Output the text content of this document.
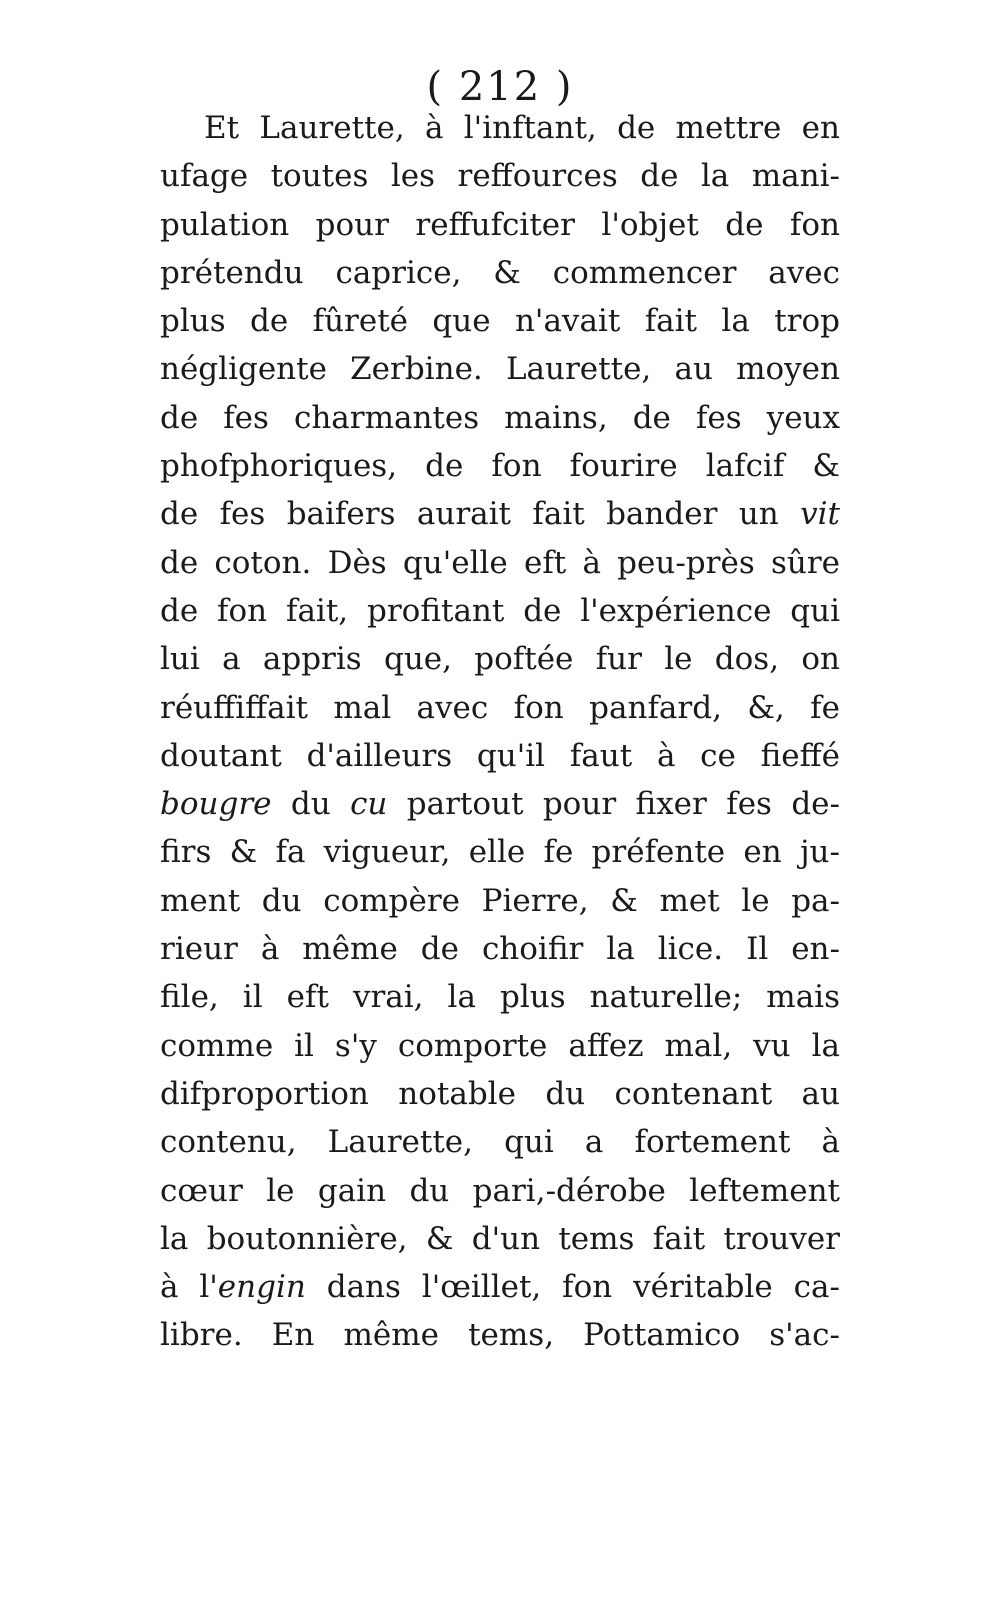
( 212 )
Et Laurette, à l'inftant, de mettre en
ufage toutes les reffources de la mani-
pulation pour reffufciter l'objet de fon
prétendu caprice, & commencer avec
plus de fûreté que n'avait fait la trop
négligente Zerbine. Laurette, au moyen
de fes charmantes mains, de fes yeux
phofphoriques, de fon fourire lafcif &
de fes baifers aurait fait bander un vit
de coton. Dès qu'elle eft à peu-près sûre
de fon fait, profitant de l'expérience qui
lui a appris que, poftée fur le dos, on
réuffiffait mal avec fon panfard, &, fe
doutant d'ailleurs qu'il faut à ce fieffé
bougre du cu partout pour fixer fes de-
firs & fa vigueur, elle fe préfente en ju-
ment du compère Pierre, & met le pa-
rieur à même de choifir la lice. Il en-
file, il eft vrai, la plus naturelle; mais
comme il s'y comporte affez mal, vu la
difproportion notable du contenant au
contenu, Laurette, qui a fortement à
cœur le gain du pari,-dérobe leftement
la boutonnière, & d'un tems fait trouver
à l'engin dans l'œillet, fon véritable ca-
libre. En même tems, Pottamico s'ac-
